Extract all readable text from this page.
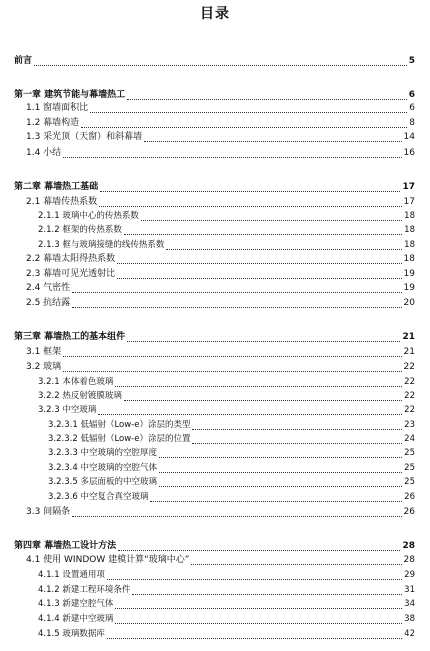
目录
前言	5
第一章 建筑节能与幕墙热工	6
1.1 窗墙面积比	6
1.2 幕墙构造	8
1.3 采光顶（天窗）和斜幕墙	14
1.4 小结	16
第二章 幕墙热工基础	17
2.1 幕墙传热系数	17
2.1.1 玻璃中心的传热系数	18
2.1.2 框架的传热系数	18
2.1.3 框与玻璃接缝的线传热系数	18
2.2 幕墙太阳得热系数	18
2.3 幕墙可见光透射比	19
2.4 气密性	19
2.5 抗结露	20
第三章 幕墙热工的基本组件	21
3.1 框架	21
3.2 玻璃	22
3.2.1 本体着色玻璃	22
3.2.2 热反射镀膜玻璃	22
3.2.3 中空玻璃	22
3.2.3.1 低辐射（Low-e）涂层的类型	23
3.2.3.2 低辐射（Low-e）涂层的位置	24
3.2.3.3 中空玻璃的空腔厚度	25
3.2.3.4 中空玻璃的空腔气体	25
3.2.3.5 多层面板的中空玻璃	25
3.2.3.6 中空复合真空玻璃	26
3.3 间隔条	26
第四章 幕墙热工设计方法	28
4.1 使用 WINDOW 建模计算“玻璃中心”	28
4.1.1 设置通用项	29
4.1.2 新建工程环境条件	31
4.1.3 新建空腔气体	34
4.1.4 新建中空玻璃	38
4.1.5 玻璃数据库	42
